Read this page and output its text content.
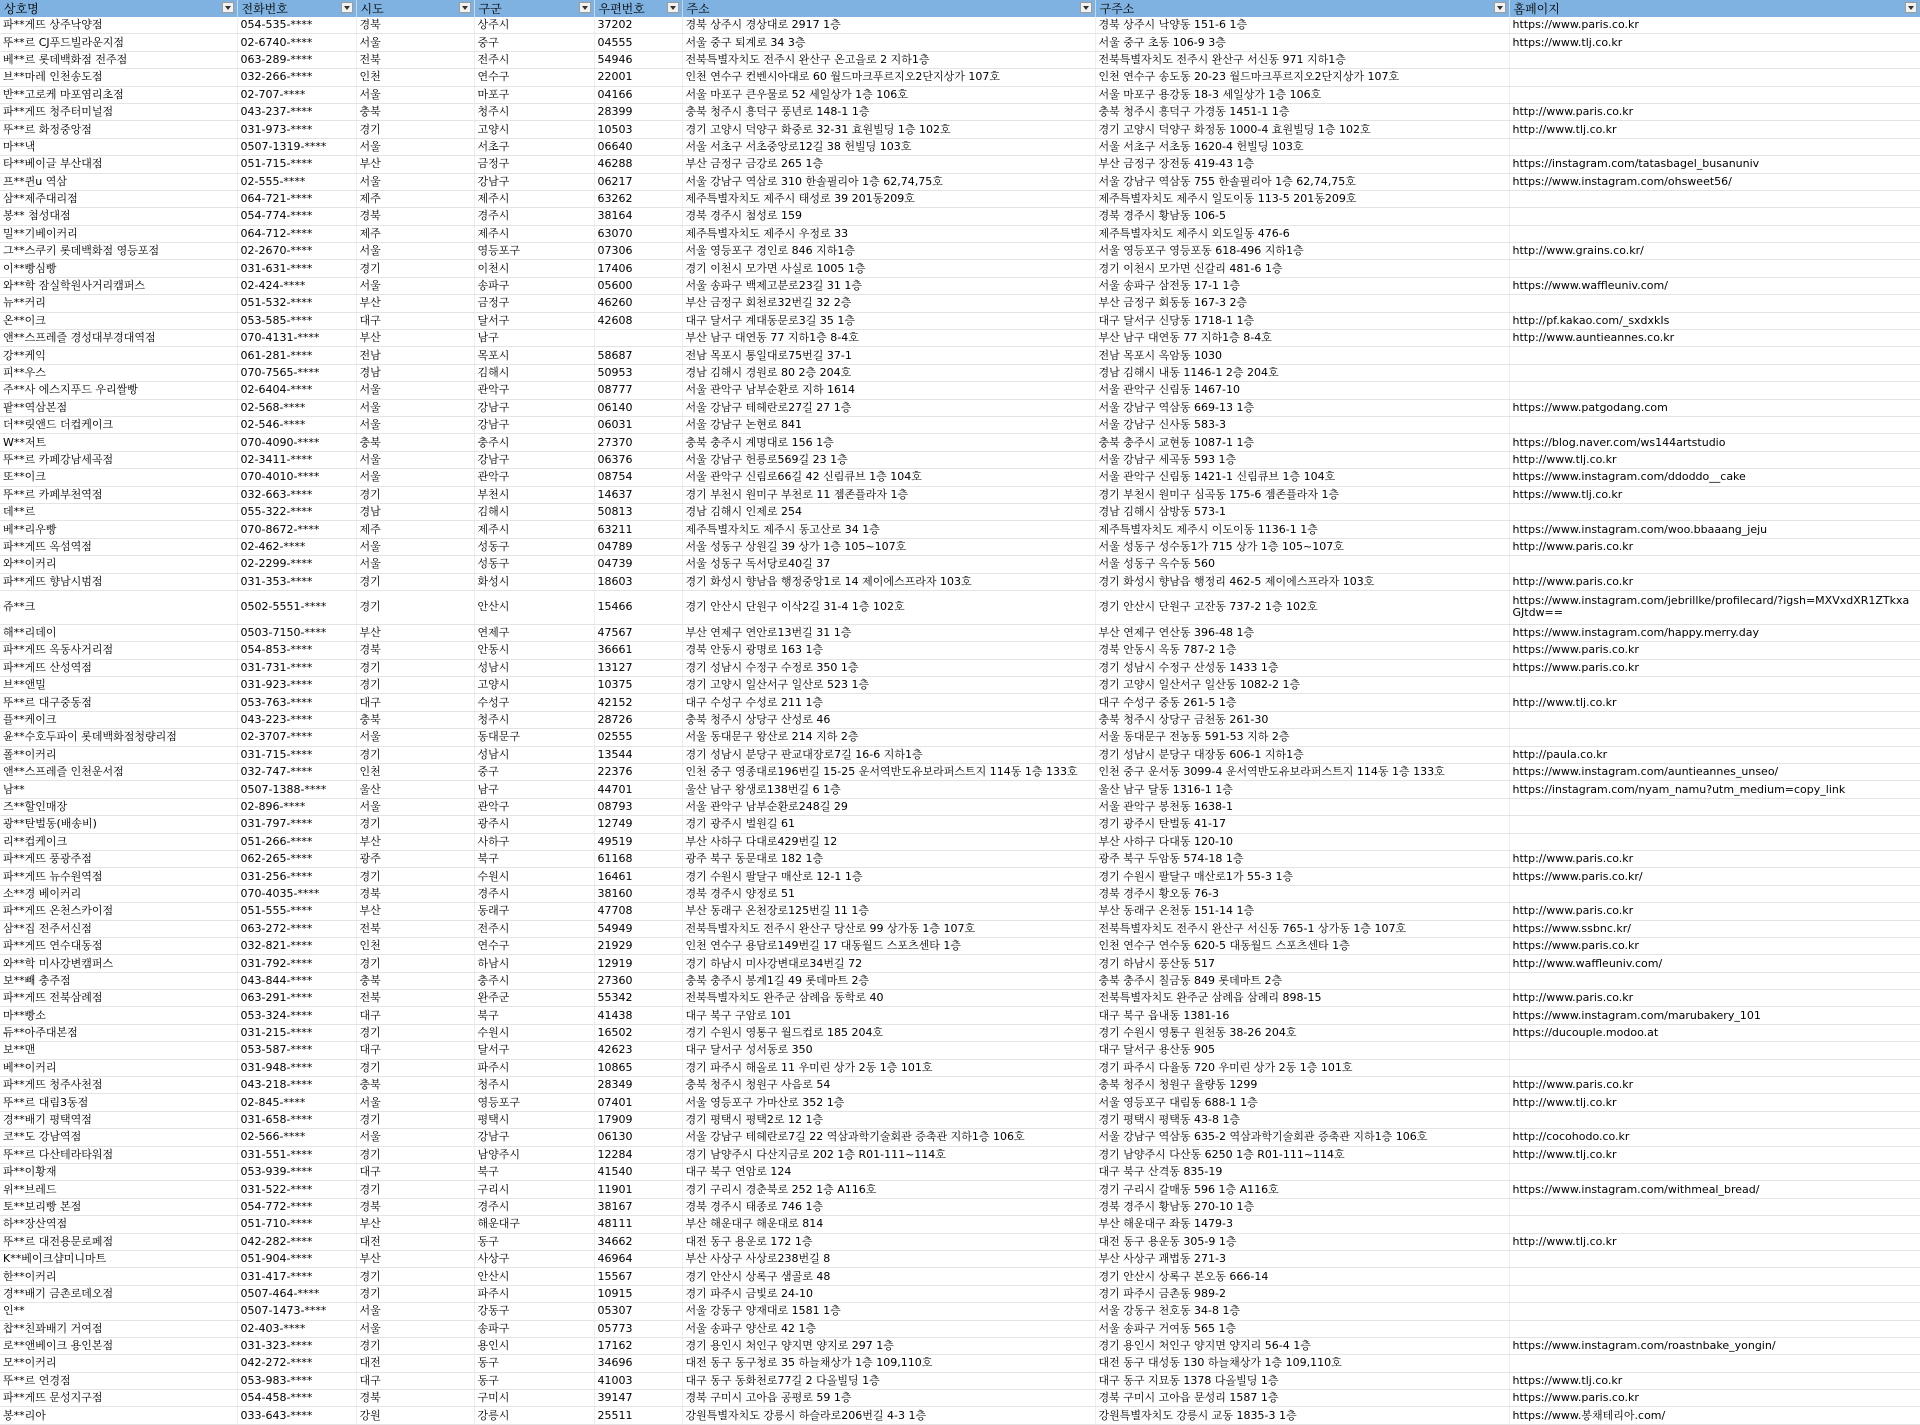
상호명	전화번호	시도	구군	우편번호	주소	구주소	홈페이지

파**게뜨 상주낙양점	054-535-****	경북	상주시	37202	경북 상주시 경상대로 2917 1층	경북 상주시 낙양동 151-6 1층	https://www.paris.co.kr
뚜**르 CJ푸드빌라운지점	02-6740-****	서울	중구	04555	서울 중구 퇴계로 34 3층	서울 중구 초동 106-9 3층	https://www.tlj.co.kr
베**르 롯데백화점 전주점	063-289-****	전북	전주시	54946	전북특별자치도 전주시 완산구 온고을로 2 지하1층	전북특별자치도 전주시 완산구 서신동 971 지하1층	
브**마레 인천송도점	032-266-****	인천	연수구	22001	인천 연수구 컨벤시아대로 60 월드마크푸르지오2단지상가 107호	인천 연수구 송도동 20-23 월드마크푸르지오2단지상가 107호	
반**고로케 마포염리초점	02-707-****	서울	마포구	04166	서울 마포구 큰우물로 52 세일상가 1층 106호	서울 마포구 용강동 18-3 세일상가 1층 106호	
파**게뜨 청주터미널점	043-237-****	충북	청주시	28399	충북 청주시 흥덕구 풍년로 148-1 1층	충북 청주시 흥덕구 가경동 1451-1 1층	http://www.paris.co.kr
뚜**르 화정중앙점	031-973-****	경기	고양시	10503	경기 고양시 덕양구 화중로 32-31 효원빌딩 1층 102호	경기 고양시 덕양구 화정동 1000-4 효원빌딩 1층 102호	http://www.tlj.co.kr
마**낵	0507-1319-****	서울	서초구	06640	서울 서초구 서초중앙로12길 38 헌빌딩 103호	서울 서초구 서초동 1620-4 헌빌딩 103호	
타**베이글 부산대점	051-715-****	부산	금정구	46288	부산 금정구 금강로 265 1층	부산 금정구 장전동 419-43 1층	https://instagram.com/tatasbagel_busanuniv
프**퀸u 역삼	02-555-****	서울	강남구	06217	서울 강남구 역삼로 310 한솔필리아 1층 62,74,75호	서울 강남구 역삼동 755 한솔필리아 1층 62,74,75호	https://www.instagram.com/ohsweet56/
삼**제주대리점	064-721-****	제주	제주시	63262	제주특별자치도 제주시 태성로 39 201동209호	제주특별자치도 제주시 일도이동 113-5 201동209호	
봉** 첨성대점	054-774-****	경북	경주시	38164	경북 경주시 첨성로 159	경북 경주시 황남동 106-5	
밀**기베이커리	064-712-****	제주	제주시	63070	제주특별자치도 제주시 우정로 33	제주특별자치도 제주시 외도일동 476-6	
그**스쿠키 롯데백화점 영등포점	02-2670-****	서울	영등포구	07306	서울 영등포구 경인로 846 지하1층	서울 영등포구 영등포동 618-496 지하1층	http://www.grains.co.kr/
이**빵심빵	031-631-****	경기	이천시	17406	경기 이천시 모가면 사실로 1005 1층	경기 이천시 모가면 신갈리 481-6 1층	
와**학 잠실학원사거리캠퍼스	02-424-****	서울	송파구	05600	서울 송파구 백제고분로23길 31 1층	서울 송파구 삼전동 17-1 1층	https://www.waffleuniv.com/
뉴**커리	051-532-****	부산	금정구	46260	부산 금정구 회천로32번길 32 2층	부산 금정구 회동동 167-3 2층	
온**이크	053-585-****	대구	달서구	42608	대구 달서구 계대동문로3길 35 1층	대구 달서구 신당동 1718-1 1층	http://pf.kakao.com/_sxdxkIs
앤**스프레즐 경성대부경대역점	070-4131-****	부산	남구		부산 남구 대연동 77 지하1층 8-4호	부산 남구 대연동 77 지하1층 8-4호	http://www.auntieannes.co.kr
강**케익	061-281-****	전남	목포시	58687	전남 목포시 통일대로75번길 37-1	전남 목포시 옥암동 1030	
피**우스	070-7565-****	경남	김해시	50953	경남 김해시 경원로 80 2층 204호	경남 김해시 내동 1146-1 2층 204호	
주**사 에스지푸드 우리쌀빵	02-6404-****	서울	관악구	08777	서울 관악구 남부순환로 지하 1614	서울 관악구 신림동 1467-10	
팥**역삼본점	02-568-****	서울	강남구	06140	서울 강남구 테헤란로27길 27 1층	서울 강남구 역삼동 669-13 1층	https://www.patgodang.com
더**릿앤드 더컵케이크	02-546-****	서울	강남구	06031	서울 강남구 논현로 841	서울 강남구 신사동 583-3	
W**저트	070-4090-****	충북	충주시	27370	충북 충주시 계명대로 156 1층	충북 충주시 교현동 1087-1 1층	https://blog.naver.com/ws144artstudio
뚜**르 카페강남세곡점	02-3411-****	서울	강남구	06376	서울 강남구 헌릉로569길 23 1층	서울 강남구 세곡동 593 1층	http://www.tlj.co.kr
또**이크	070-4010-****	서울	관악구	08754	서울 관악구 신림로66길 42 신림큐브 1층 104호	서울 관악구 신림동 1421-1 신림큐브 1층 104호	https://www.instagram.com/ddoddo__cake
뚜**르 카페부천역점	032-663-****	경기	부천시	14637	경기 부천시 원미구 부천로 11 젬존플라자 1층	경기 부천시 원미구 심곡동 175-6 젬존플라자 1층	https://www.tlj.co.kr
데**르	055-322-****	경남	김해시	50813	경남 김해시 인제로 254	경남 김해시 삼방동 573-1	
베**리우빵	070-8672-****	제주	제주시	63211	제주특별자치도 제주시 동고산로 34 1층	제주특별자치도 제주시 이도이동 1136-1 1층	https://www.instagram.com/woo.bbaaang_jeju
파**게뜨 옥섬역점	02-462-****	서울	성동구	04789	서울 성동구 상원길 39 상가 1층 105~107호	서울 성동구 성수동1가 715 상가 1층 105~107호	http://www.paris.co.kr
와**이커리	02-2299-****	서울	성동구	04739	서울 성동구 독서당로40길 37	서울 성동구 옥수동 560	
파**게뜨 향남시범점	031-353-****	경기	화성시	18603	경기 화성시 향남읍 행정중앙1로 14 제이에스프라자 103호	경기 화성시 향남읍 행정리 462-5 제이에스프라자 103호	http://www.paris.co.kr
쥬**크	0502-5551-****	경기	안산시	15466	경기 안산시 단원구 이삭2길 31-4 1층 102호	경기 안산시 단원구 고잔동 737-2 1층 102호	https://www.instagram.com/jebrillke/profilecard/?igsh=MXVxdXR1ZTkxaGJtdw==
해**리데이	0503-7150-****	부산	연제구	47567	부산 연제구 연안로13번길 31 1층	부산 연제구 연산동 396-48 1층	https://www.instagram.com/happy.merry.day
파**게뜨 옥동사거리점	054-853-****	경북	안동시	36661	경북 안동시 광명로 163 1층	경북 안동시 옥동 787-2 1층	https://www.paris.co.kr
파**게뜨 산성역점	031-731-****	경기	성남시	13127	경기 성남시 수정구 수정로 350 1층	경기 성남시 수정구 산성동 1433 1층	https://www.paris.co.kr
브**앤밀	031-923-****	경기	고양시	10375	경기 고양시 일산서구 일산로 523 1층	경기 고양시 일산서구 일산동 1082-2 1층	
뚜**르 대구중동점	053-763-****	대구	수성구	42152	대구 수성구 수성로 211 1층	대구 수성구 중동 261-5 1층	http://www.tlj.co.kr
플**케이크	043-223-****	충북	청주시	28726	충북 청주시 상당구 산성로 46	충북 청주시 상당구 금천동 261-30	
윤**수호두파이 롯데백화점청량리점	02-3707-****	서울	동대문구	02555	서울 동대문구 왕산로 214 지하 2층	서울 동대문구 전농동 591-53 지하 2층	
폴**이커리	031-715-****	경기	성남시	13544	경기 성남시 분당구 판교대장로7길 16-6 지하1층	경기 성남시 분당구 대장동 606-1 지하1층	http://paula.co.kr
앤**스프레즐 인천운서점	032-747-****	인천	중구	22376	인천 중구 영종대로196번길 15-25 운서역반도유보라퍼스트지 114동 1층 133호	인천 중구 운서동 3099-4 운서역반도유보라퍼스트지 114동 1층 133호	https://www.instagram.com/auntieannes_unseo/
남**	0507-1388-****	울산	남구	44701	울산 남구 왕생로138번길 6 1층	울산 남구 달동 1316-1 1층	https://instagram.com/nyam_namu?utm_medium=copy_link
즈**할인매장	02-896-****	서울	관악구	08793	서울 관악구 남부순환로248길 29	서울 관악구 봉천동 1638-1	
광**탄벌동(배송비)	031-797-****	경기	광주시	12749	경기 광주시 벌원길 61	경기 광주시 탄벌동 41-17	
리**컵케이크	051-266-****	부산	사하구	49519	부산 사하구 다대로429번길 12	부산 사하구 다대동 120-10	
파**게뜨 풍광주점	062-265-****	광주	북구	61168	광주 북구 동문대로 182 1층	광주 북구 두암동 574-18 1층	http://www.paris.co.kr
파**게뜨 뉴수원역점	031-256-****	경기	수원시	16461	경기 수원시 팔달구 매산로 12-1 1층	경기 수원시 팔달구 매산로1가 55-3 1층	https://www.paris.co.kr/
소**경 베이커리	070-4035-****	경북	경주시	38160	경북 경주시 양정로 51	경북 경주시 황오동 76-3	
파**게뜨 온천스카이점	051-555-****	부산	동래구	47708	부산 동래구 온천장로125번길 11 1층	부산 동래구 온천동 151-14 1층	http://www.paris.co.kr
삼**집 전주서신점	063-272-****	전북	전주시	54949	전북특별자치도 전주시 완산구 당산로 99 상가동 1층 107호	전북특별자치도 전주시 완산구 서신동 765-1 상가동 1층 107호	https://www.ssbnc.kr/
파**게뜨 연수대동점	032-821-****	인천	연수구	21929	인천 연수구 용담로149번길 17 대동월드 스포츠센타 1층	인천 연수구 연수동 620-5 대동월드 스포츠센타 1층	https://www.paris.co.kr
와**학 미사강변캠퍼스	031-792-****	경기	하남시	12919	경기 하남시 미사강변대로34번길 72	경기 하남시 풍산동 517	http://www.waffleuniv.com/
보**빼 충주점	043-844-****	충북	충주시	27360	충북 충주시 봉계1길 49 롯데마트 2층	충북 충주시 칠금동 849 롯데마트 2층	
파**게뜨 전북삼례점	063-291-****	전북	완주군	55342	전북특별자치도 완주군 삼례읍 동학로 40	전북특별자치도 완주군 삼례읍 삼례리 898-15	http://www.paris.co.kr
마**빵소	053-324-****	대구	북구	41438	대구 북구 구암로 101	대구 북구 읍내동 1381-16	https://www.instagram.com/marubakery_101
듀**아주대본점	031-215-****	경기	수원시	16502	경기 수원시 영통구 월드컵로 185 204호	경기 수원시 영통구 원천동 38-26 204호	https://ducouple.modoo.at
보**맨	053-587-****	대구	달서구	42623	대구 달서구 성서동로 350	대구 달서구 용산동 905	
베**이커리	031-948-****	경기	파주시	10865	경기 파주시 해올로 11 우미린 상가 2동 1층 101호	경기 파주시 다율동 720 우미린 상가 2동 1층 101호	
파**게뜨 청주사천점	043-218-****	충북	청주시	28349	충북 청주시 청원구 사음로 54	충북 청주시 청원구 율량동 1299	http://www.paris.co.kr
뚜**르 대림3동점	02-845-****	서울	영등포구	07401	서울 영등포구 가마산로 352 1층	서울 영등포구 대림동 688-1 1층	http://www.tlj.co.kr
경**배기 평택역점	031-658-****	경기	평택시	17909	경기 평택시 평택2로 12 1층	경기 평택시 평택동 43-8 1층	
코**도 강남역점	02-566-****	서울	강남구	06130	서울 강남구 테헤란로7길 22 역삼과학기술회관 증축관 지하1층 106호	서울 강남구 역삼동 635-2 역삼과학기술회관 증축관 지하1층 106호	http://cocohodo.co.kr
뚜**르 다산테라타워점	031-551-****	경기	남양주시	12284	경기 남양주시 다산지금로 202 1층 R01-111~114호	경기 남양주시 다산동 6250 1층 R01-111~114호	http://www.tlj.co.kr
파**이황재	053-939-****	대구	북구	41540	대구 북구 연암로 124	대구 북구 산격동 835-19	
위**브레드	031-522-****	경기	구리시	11901	경기 구리시 경춘북로 252 1층 A116호	경기 구리시 갈매동 596 1층 A116호	https://www.instagram.com/withmeal_bread/
토**보리빵 본점	054-772-****	경북	경주시	38167	경북 경주시 태종로 746 1층	경북 경주시 황남동 270-10 1층	
하**장산역점	051-710-****	부산	해운대구	48111	부산 해운대구 해운대로 814	부산 해운대구 좌동 1479-3	
뚜**르 대전용문로페점	042-282-****	대전	동구	34662	대전 동구 용운로 172 1층	대전 동구 용운동 305-9 1층	http://www.tlj.co.kr
K**베이크샵미니마트	051-904-****	부산	사상구	46964	부산 사상구 사상로238번길 8	부산 사상구 괘법동 271-3	
한**이커리	031-417-****	경기	안산시	15567	경기 안산시 상록구 샘골로 48	경기 안산시 상록구 본오동 666-14	
경**배기 금촌로데오점	0507-464-****	경기	파주시	10915	경기 파주시 금빛로 24-10	경기 파주시 금촌동 989-2	
인**	0507-1473-****	서울	강동구	05307	서울 강동구 양재대로 1581 1층	서울 강동구 천호동 34-8 1층	
찹**친꽈배기 거여점	02-403-****	서울	송파구	05773	서울 송파구 양산로 42 1층	서울 송파구 거여동 565 1층	
로**앤베이크 용인본점	031-323-****	경기	용인시	17162	경기 용인시 처인구 양지면 양지로 297 1층	경기 용인시 처인구 양지면 양지리 56-4 1층	https://www.instagram.com/roastnbake_yongin/
모**이커리	042-272-****	대전	동구	34696	대전 동구 동구청로 35 하늘채상가 1층 109,110호	대전 동구 대성동 130 하늘채상가 1층 109,110호	
뚜**르 연경점	053-983-****	대구	동구	41003	대구 동구 동화천로77길 2 다올빌딩 1층	대구 동구 지묘동 1378 다올빌딩 1층	https://www.tlj.co.kr
파**게뜨 문성지구점	054-458-****	경북	구미시	39147	경북 구미시 고아읍 공평로 59 1층	경북 구미시 고아읍 문성리 1587 1층	https://www.paris.co.kr
봉**리아	033-643-****	강원	강릉시	25511	강원특별자치도 강릉시 하슬라로206번길 4-3 1층	강원특별자치도 강릉시 교동 1835-3 1층	https://www.봉채테리아.com/
